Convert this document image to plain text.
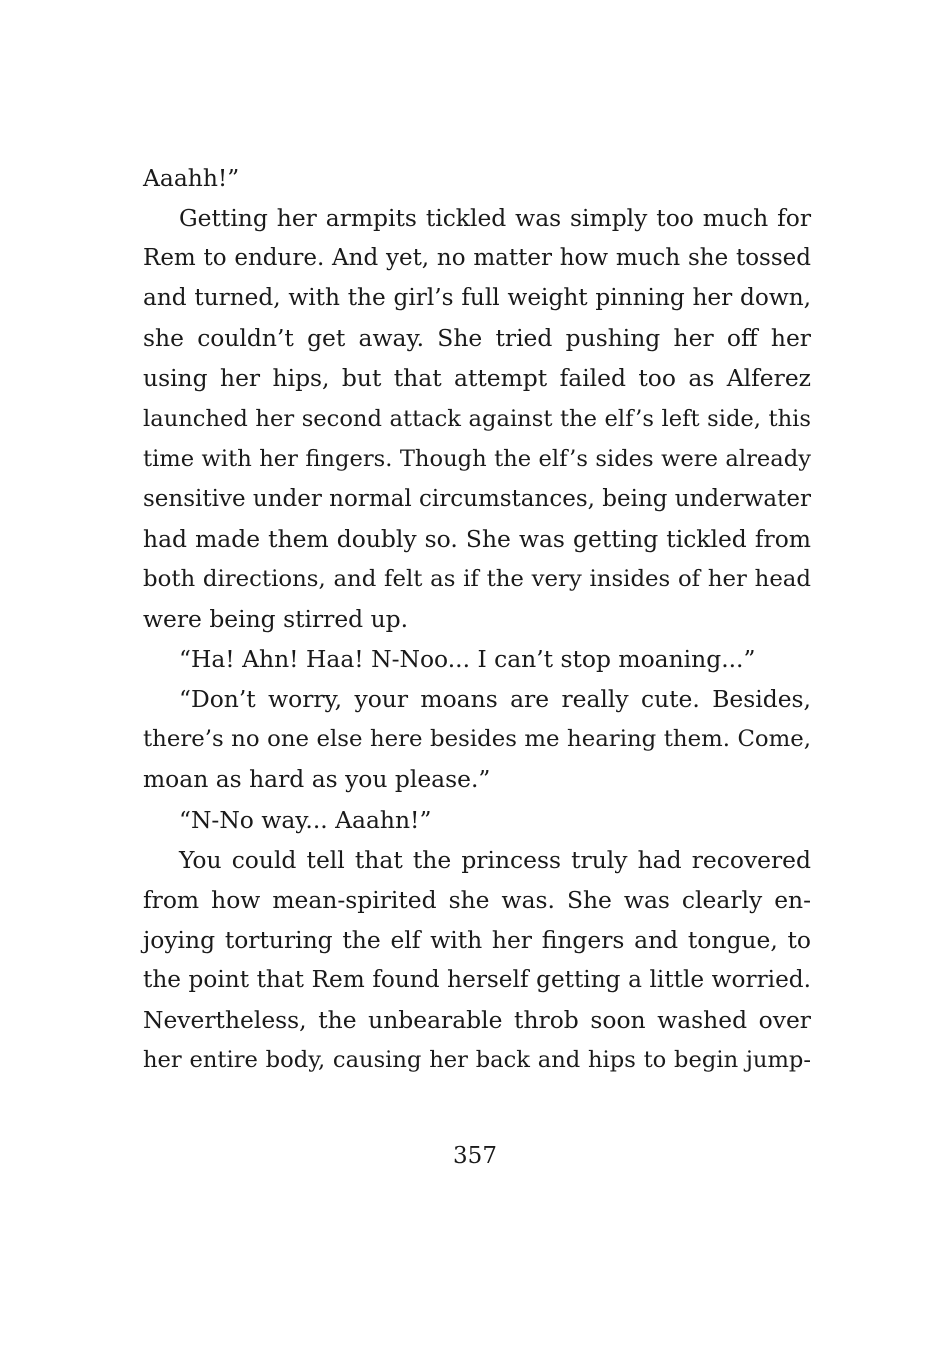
Aaahh!”
Getting her armpits tickled was simply too much for
Rem to endure. And yet, no matter how much she tossed
and turned, with the girl’s full weight pinning her down,
she couldn’t get away. She tried pushing her off her
using her hips, but that attempt failed too as Alferez
launched her second attack against the elf’s left side, this
time with her fingers. Though the elf’s sides were already
sensitive under normal circumstances, being underwater
had made them doubly so. She was getting tickled from
both directions, and felt as if the very insides of her head
were being stirred up.
“Ha! Ahn! Haa! N-Noo... I can’t stop moaning...”
“Don’t worry, your moans are really cute. Besides,
there’s no one else here besides me hearing them. Come,
moan as hard as you please.”
“N-No way... Aaahn!”
You could tell that the princess truly had recovered
from how mean-spirited she was. She was clearly en-
joying torturing the elf with her fingers and tongue, to
the point that Rem found herself getting a little worried.
Nevertheless, the unbearable throb soon washed over
her entire body, causing her back and hips to begin jump-
357
